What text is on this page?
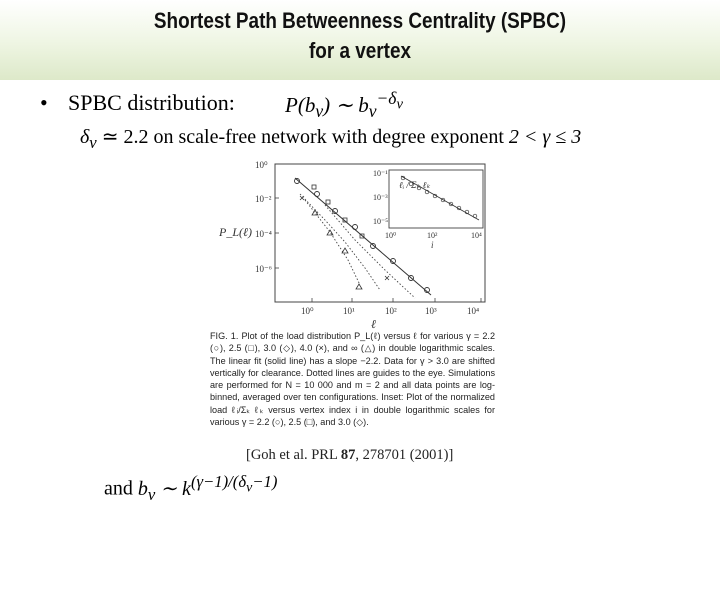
Shortest Path Betweenness Centrality (SPBC)
for a vertex
• SPBC distribution: $P(b_v)$ ∼ $b_v^{-\delta_v}$
$\delta_v$ ≃ 2.2 on scale-free network with degree exponent 2 < γ ≤ 3
10⁰
10⁻²
10⁻⁴
10⁻⁶
10⁰	10¹	10²	10³	10⁴
P_L(ℓ)
ℓ
10⁻¹
10⁻³
10⁻⁵
10⁰	10²	10⁴
ℓᵢ / Σₖ ℓₖ
i
FIG. 1. Plot of the load distribution P_L(ℓ) versus ℓ for various γ = 2.2 (○), 2.5 (□), 3.0 (◇), 4.0 (×), and ∞ (△) in double logarithmic scales. The linear fit (solid line) has a slope −2.2. Data for γ > 3.0 are shifted vertically for clearance. Dotted lines are guides to the eye. Simulations are performed for N = 10 000 and m = 2 and all data points are log-binned, averaged over ten configurations. Inset: Plot of the normalized load ℓᵢ/Σₖ ℓₖ versus vertex index i in double logarithmic scales for various γ = 2.2 (○), 2.5 (□), and 3.0 (◇).
[Goh et al. PRL 87, 278701 (2001)]
and $b_v$ ∼ $k^{(\gamma-1)/(\delta_v-1)}$
